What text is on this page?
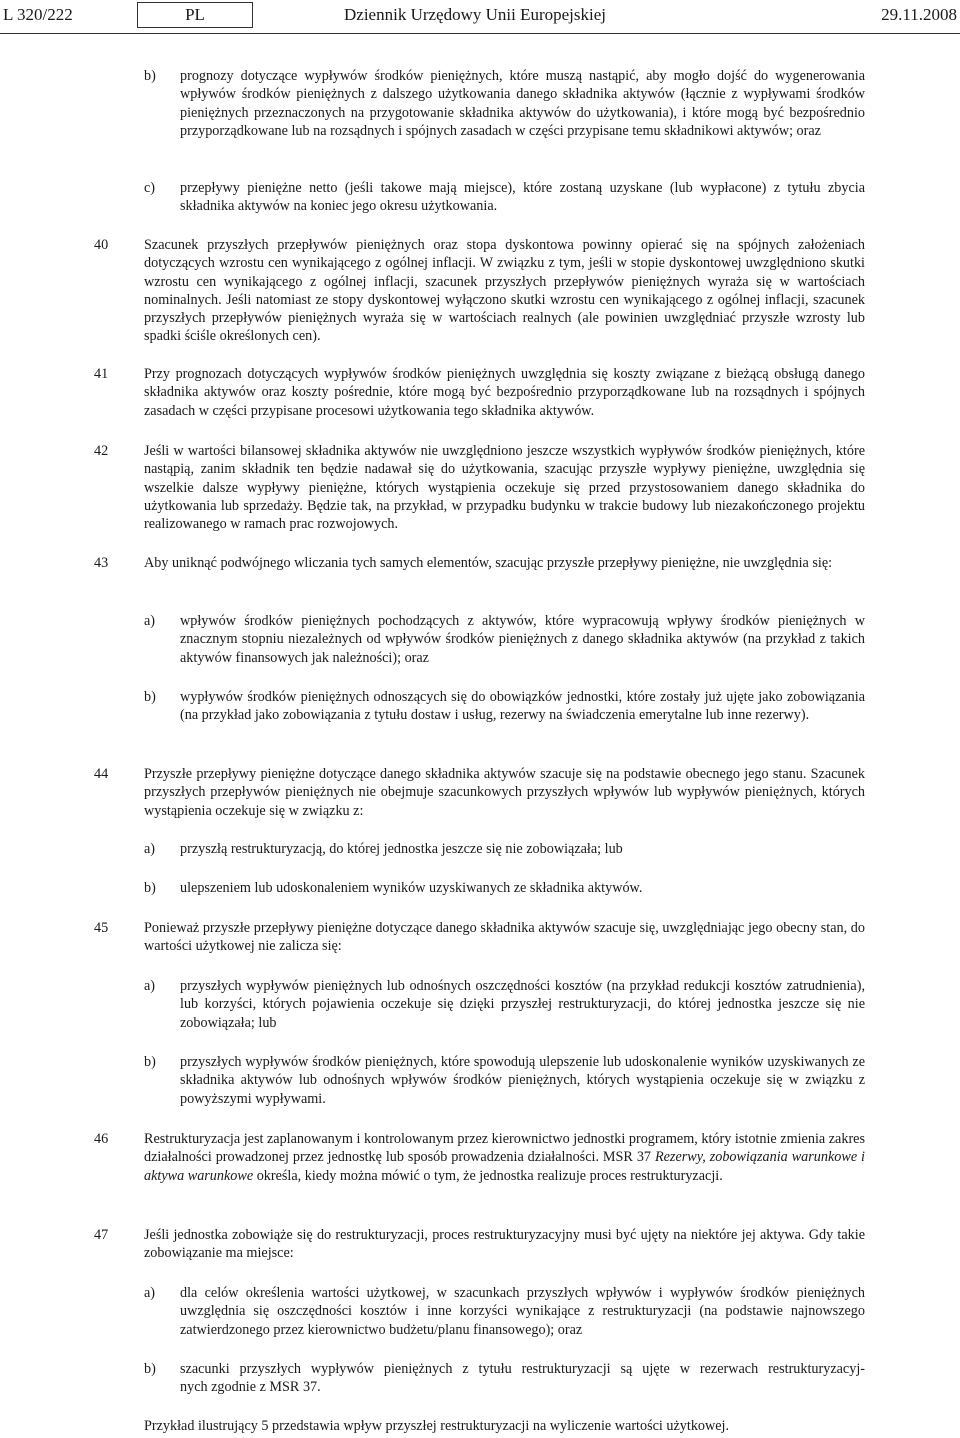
L 320/222	PL	Dziennik Urzędowy Unii Europejskiej	29.11.2008
b) prognozy dotyczące wypływów środków pieniężnych, które muszą nastąpić, aby mogło dojść do wygenerowania wpływów środków pieniężnych z dalszego użytkowania danego składnika aktywów (łącznie z wypływami środków pieniężnych przeznaczonych na przygotowanie składnika aktywów do użytkowania), i które mogą być bezpośrednio przyporządkowane lub na rozsądnych i spójnych zasadach w części przypisane temu składnikowi aktywów; oraz
c) przepływy pieniężne netto (jeśli takowe mają miejsce), które zostaną uzyskane (lub wypłacone) z tytułu zbycia składnika aktywów na koniec jego okresu użytkowania.
40	Szacunek przyszłych przepływów pieniężnych oraz stopa dyskontowa powinny opierać się na spójnych założeniach dotyczących wzrostu cen wynikającego z ogólnej inflacji. W związku z tym, jeśli w stopie dyskontowej uwzględniono skutki wzrostu cen wynikającego z ogólnej inflacji, szacunek przyszłych przepływów pieniężnych wyraża się w wartościach nominalnych. Jeśli natomiast ze stopy dyskontowej wyłączono skutki wzrostu cen wynikającego z ogólnej inflacji, szacunek przyszłych przepływów pieniężnych wyraża się w wartościach realnych (ale powinien uwzględniać przyszłe wzrosty lub spadki ściśle określonych cen).
41	Przy prognozach dotyczących wypływów środków pieniężnych uwzględnia się koszty związane z bieżącą obsługą danego składnika aktywów oraz koszty pośrednie, które mogą być bezpośrednio przyporządkowane lub na rozsądnych i spójnych zasadach w części przypisane procesowi użytkowania tego składnika aktywów.
42	Jeśli w wartości bilansowej składnika aktywów nie uwzględniono jeszcze wszystkich wypływów środków pieniężnych, które nastąpią, zanim składnik ten będzie nadawał się do użytkowania, szacując przyszłe wypływy pieniężne, uwzględnia się wszelkie dalsze wypływy pieniężne, których wystąpienia oczekuje się przed przystosowaniem danego składnika do użytkowania lub sprzedaży. Będzie tak, na przykład, w przypadku budynku w trakcie budowy lub niezakończonego projektu realizowanego w ramach prac rozwojowych.
43	Aby uniknąć podwójnego wliczania tych samych elementów, szacując przyszłe przepływy pieniężne, nie uwzględnia się:
a) wpływów środków pieniężnych pochodzących z aktywów, które wypracowują wpływy środków pieniężnych w znacznym stopniu niezależnych od wpływów środków pieniężnych z danego składnika aktywów (na przykład z takich aktywów finansowych jak należności); oraz
b) wypływów środków pieniężnych odnoszących się do obowiązków jednostki, które zostały już ujęte jako zobowiązania (na przykład jako zobowiązania z tytułu dostaw i usług, rezerwy na świadczenia emerytalne lub inne rezerwy).
44	Przyszłe przepływy pieniężne dotyczące danego składnika aktywów szacuje się na podstawie obecnego jego stanu. Szacunek przyszłych przepływów pieniężnych nie obejmuje szacunkowych przyszłych wpływów lub wypływów pieniężnych, których wystąpienia oczekuje się w związku z:
a) przyszłą restrukturyzacją, do której jednostka jeszcze się nie zobowiązała; lub
b) ulepszeniem lub udoskonaleniem wyników uzyskiwanych ze składnika aktywów.
45	Ponieważ przyszłe przepływy pieniężne dotyczące danego składnika aktywów szacuje się, uwzględniając jego obecny stan, do wartości użytkowej nie zalicza się:
a) przyszłych wypływów pieniężnych lub odnośnych oszczędności kosztów (na przykład redukcji kosztów zatrudnienia), lub korzyści, których pojawienia oczekuje się dzięki przyszłej restrukturyzacji, do której jednostka jeszcze się nie zobowiązała; lub
b) przyszłych wypływów środków pieniężnych, które spowodują ulepszenie lub udoskonalenie wyników uzyskiwanych ze składnika aktywów lub odnośnych wpływów środków pieniężnych, których wystąpienia oczekuje się w związku z powyższymi wypływami.
46	Restrukturyzacja jest zaplanowanym i kontrolowanym przez kierownictwo jednostki programem, który istotnie zmienia zakres działalności prowadzonej przez jednostkę lub sposób prowadzenia działalności. MSR 37 Rezerwy, zobowiązania warunkowe i aktywa warunkowe określa, kiedy można mówić o tym, że jednostka realizuje proces restrukturyzacji.
47	Jeśli jednostka zobowiąże się do restrukturyzacji, proces restrukturyzacyjny musi być ujęty na niektóre jej aktywa. Gdy takie zobowiązanie ma miejsce:
a) dla celów określenia wartości użytkowej, w szacunkach przyszłych wpływów i wypływów środków pieniężnych uwzględnia się oszczędności kosztów i inne korzyści wynikające z restrukturyzacji (na podstawie najnowszego zatwierdzonego przez kierownictwo budżetu/planu finansowego); oraz
b) szacunki przyszłych wypływów pieniężnych z tytułu restrukturyzacji są ujęte w rezerwach restrukturyzacyj-
nych zgodnie z MSR 37.
Przykład ilustrujący 5 przedstawia wpływ przyszłej restrukturyzacji na wyliczenie wartości użytkowej.
